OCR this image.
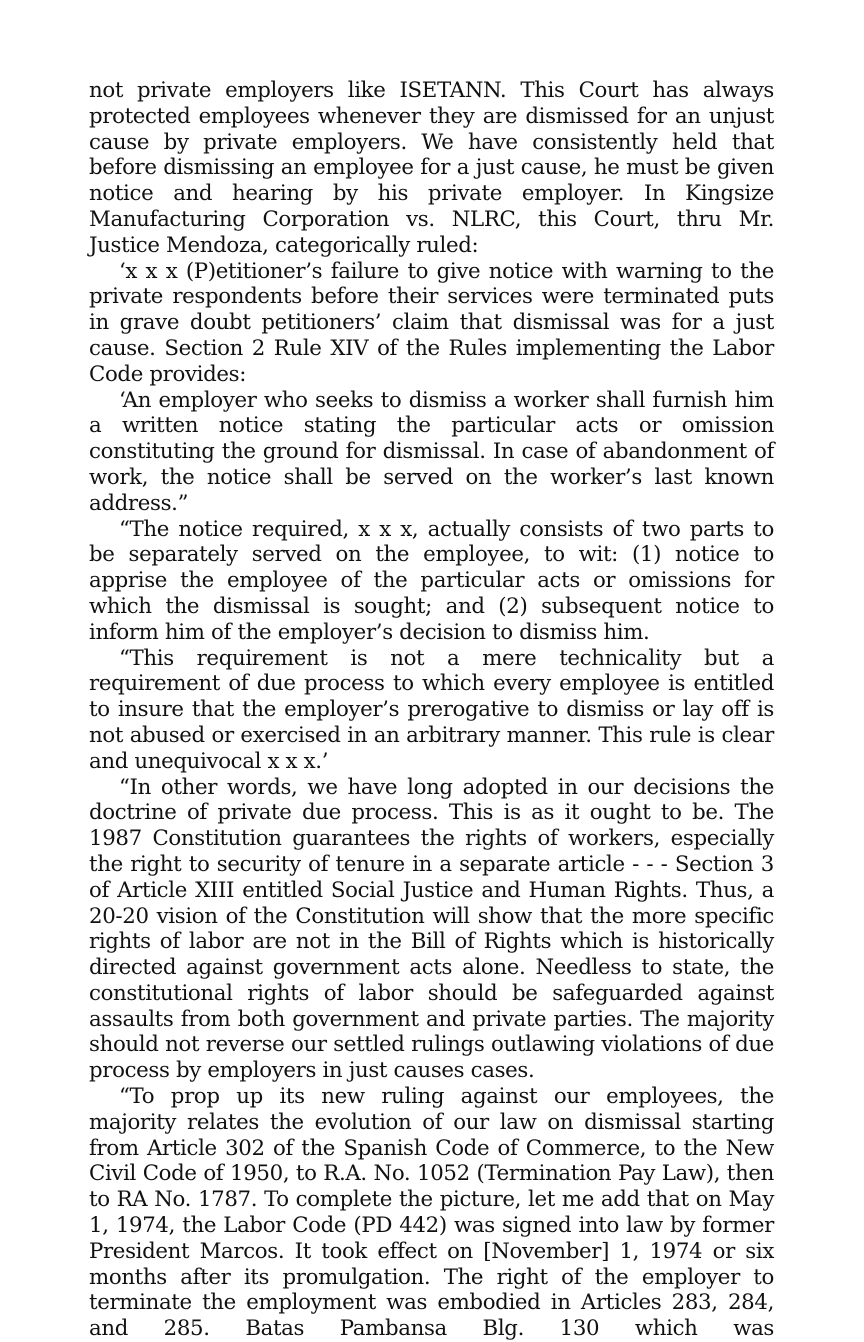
not private employers like ISETANN. This Court has always protected employees whenever they are dismissed for an unjust cause by private employers. We have consistently held that before dismissing an employee for a just cause, he must be given notice and hearing by his private employer. In Kingsize Manufacturing Corporation vs. NLRC, this Court, thru Mr. Justice Mendoza, categorically ruled:

‘x x x (P)etitioner’s failure to give notice with warning to the private respondents before their services were terminated puts in grave doubt petitioners’ claim that dismissal was for a just cause. Section 2 Rule XIV of the Rules implementing the Labor Code provides:

‘An employer who seeks to dismiss a worker shall furnish him a written notice stating the particular acts or omission constituting the ground for dismissal. In case of abandonment of work, the notice shall be served on the worker’s last known address.”

“The notice required, x x x, actually consists of two parts to be separately served on the employee, to wit: (1) notice to apprise the employee of the particular acts or omissions for which the dismissal is sought; and (2) subsequent notice to inform him of the employer’s decision to dismiss him.

“This requirement is not a mere technicality but a requirement of due process to which every employee is entitled to insure that the employer’s prerogative to dismiss or lay off is not abused or exercised in an arbitrary manner. This rule is clear and unequivocal x x x.’

“In other words, we have long adopted in our decisions the doctrine of private due process. This is as it ought to be. The 1987 Constitution guarantees the rights of workers, especially the right to security of tenure in a separate article - - - Section 3 of Article XIII entitled Social Justice and Human Rights. Thus, a 20-20 vision of the Constitution will show that the more specific rights of labor are not in the Bill of Rights which is historically directed against government acts alone. Needless to state, the constitutional rights of labor should be safeguarded against assaults from both government and private parties. The majority should not reverse our settled rulings outlawing violations of due process by employers in just causes cases.

“To prop up its new ruling against our employees, the majority relates the evolution of our law on dismissal starting from Article 302 of the Spanish Code of Commerce, to the New Civil Code of 1950, to R.A. No. 1052 (Termination Pay Law), then to RA No. 1787. To complete the picture, let me add that on May 1, 1974, the Labor Code (PD 442) was signed into law by former President Marcos. It took effect on [November] 1, 1974 or six months after its promulgation. The right of the employer to terminate the employment was embodied in Articles 283, 284, and 285. Batas Pambansa Blg. 130 which was
